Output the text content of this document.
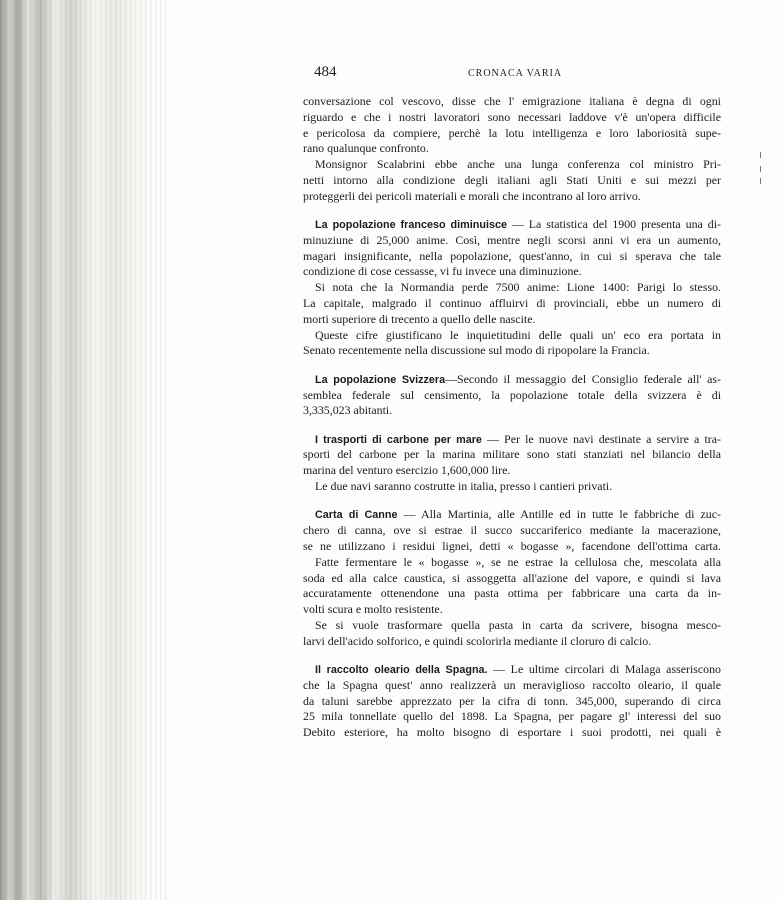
484	CRONACA VARIA
conversazione col vescovo, disse che l' emigrazione italiana è degna di ogni
riguardo e che i nostri lavoratori sono necessari laddove v'è un'opera difficile
e pericolosa da compiere, perchè la lotu intelligenza e loro laboriosità supe-
rano qualunque confronto.
Monsignor Scalabrini ebbe anche una lunga conferenza col ministro Pri-
netti intorno alla condizione degli italiani agli Stati Uniti e sui mezzi per
proteggerli dei pericoli materiali e morali che incontrano al loro arrivo.
La popolazione franceso diminuisce — La statistica del 1900 presenta una di-
minuziune di 25,000 anime. Così, mentre negli scorsi anni vi era un aumento,
magari insignificante, nella popolazione, quest'anno, in cui si sperava che tale
condizione di cose cessasse, vi fu invece una diminuzione.
Si nota che la Normandia perde 7500 anime: Lione 1400: Parigi lo stesso.
La capitale, malgrado il continuo affluirvi di provinciali, ebbe un numero di
morti superiore di trecento a quello delle nascite.
Queste cifre giustificano le inquietitudini delle quali un' eco era portata in
Senato recentemente nella discussione sul modo di ripopolare la Francia.
La popolazione Svizzera—Secondo il messaggio del Consiglio federale all' as-
semblea federale sul censimento, la popolazione totale della svizzera è di
3,335,023 abitanti.
I trasporti di carbone per mare — Per le nuove navi destinate a servire a tra-
sporti del carbone per la marina militare sono stati stanziati nel bilancio della
marina del venturo esercizio 1,600,000 lire.
Le due navi saranno costrutte in italia, presso i cantieri privati.
Carta di Canne — Alla Martinia, alle Antille ed in tutte le fabbriche di zuc-
chero di canna, ove si estrae il succo succariferico mediante la macerazione,
se ne utilizzano i residui lignei, detti « bogasse », facendone dell'ottima carta.
Fatte fermentare le « bogasse », se ne estrae la cellulosa che, mescolata alla
soda ed alla calce caustica, si assoggetta all'azione del vapore, e quindi si lava
accuratamente ottenendone una pasta ottima per fabbricare una carta da in-
volti scura e molto resistente.
Se si vuole trasformare quella pasta in carta da scrivere, bisogna mesco-
larvi dell'acido solforico, e quindi scolorirla mediante il cloruro di calcio.
Il raccolto oleario della Spagna. — Le ultime circolari di Malaga asseriscono
che la Spagna quest' anno realizzerà un meraviglioso raccolto oleario, il quale
da taluni sarebbe apprezzato per la cifra di tonn. 345,000, superando di circa
25 mila tonnellate quello del 1898. La Spagna, per pagare gl' interessi del suo
Debito esteriore, ha molto bisogno di esportare i suoi prodotti, nei quali è
